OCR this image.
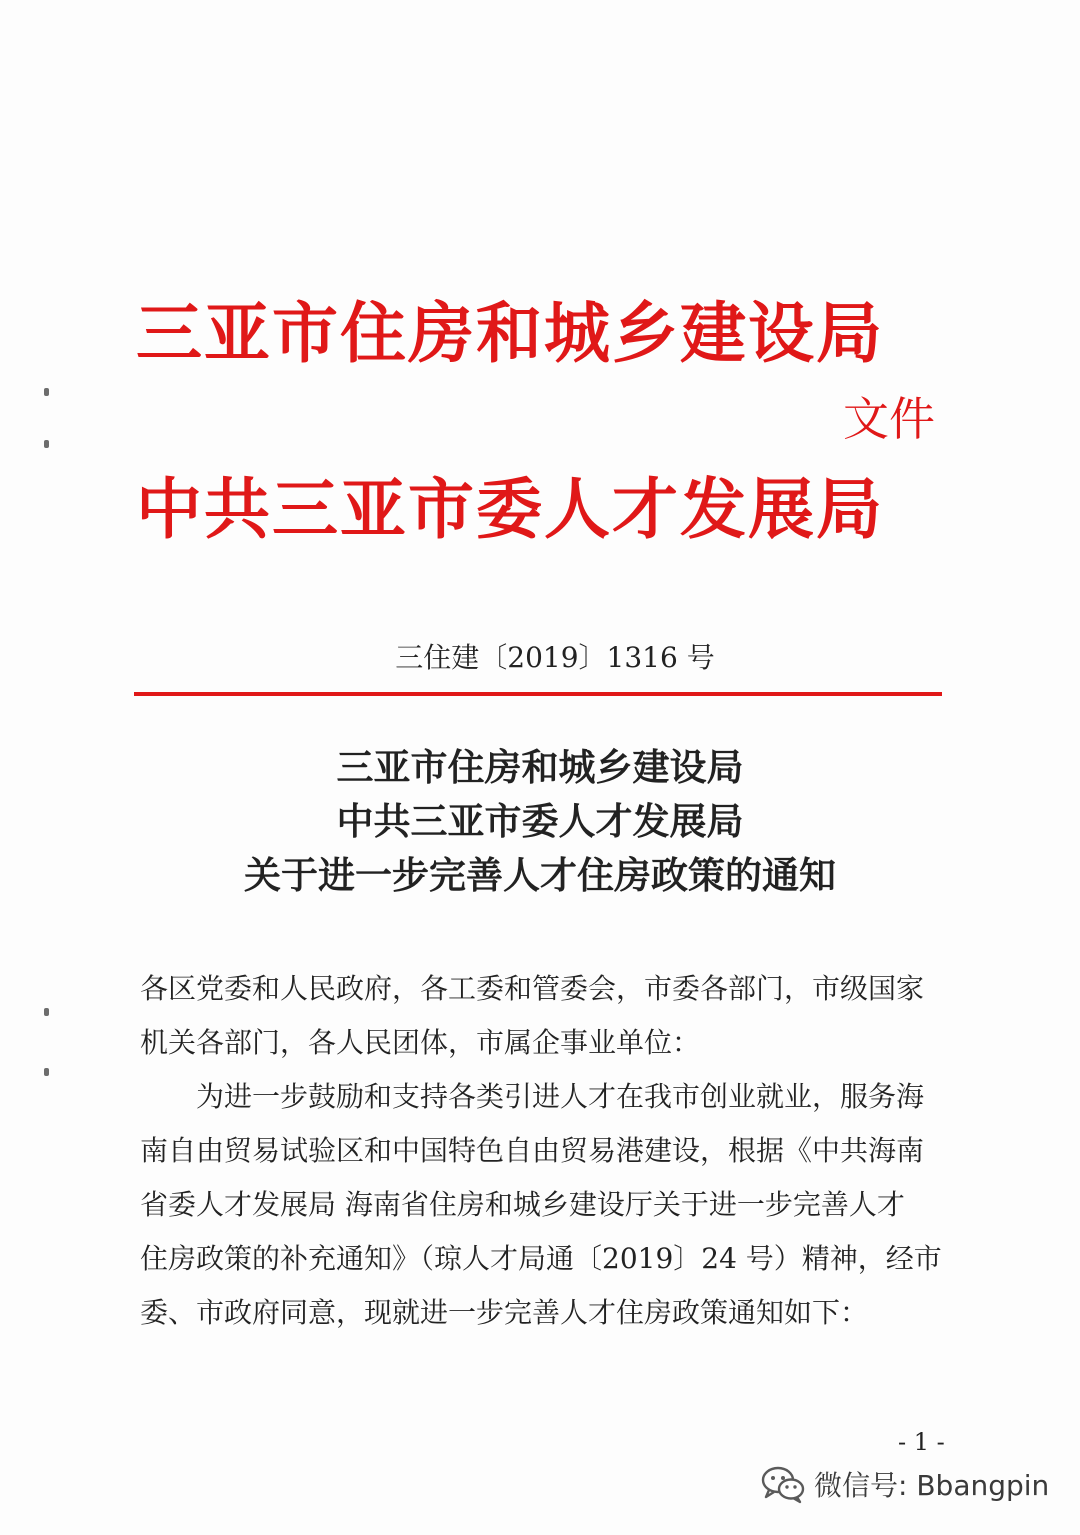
三亚市住房和城乡建设局
文件
中共三亚市委人才发展局
三住建〔2019〕1316 号
三亚市住房和城乡建设局
中共三亚市委人才发展局
关于进一步完善人才住房政策的通知
各区党委和人民政府，各工委和管委会，市委各部门，市级国家
机关各部门，各人民团体，市属企事业单位：
　　为进一步鼓励和支持各类引进人才在我市创业就业，服务海
南自由贸易试验区和中国特色自由贸易港建设，根据《中共海南
省委人才发展局 海南省住房和城乡建设厅关于进一步完善人才
住房政策的补充通知》（琼人才局通〔2019〕24 号）精神，经市
委、市政府同意，现就进一步完善人才住房政策通知如下：
- 1 -
微信号: Bbangpin
